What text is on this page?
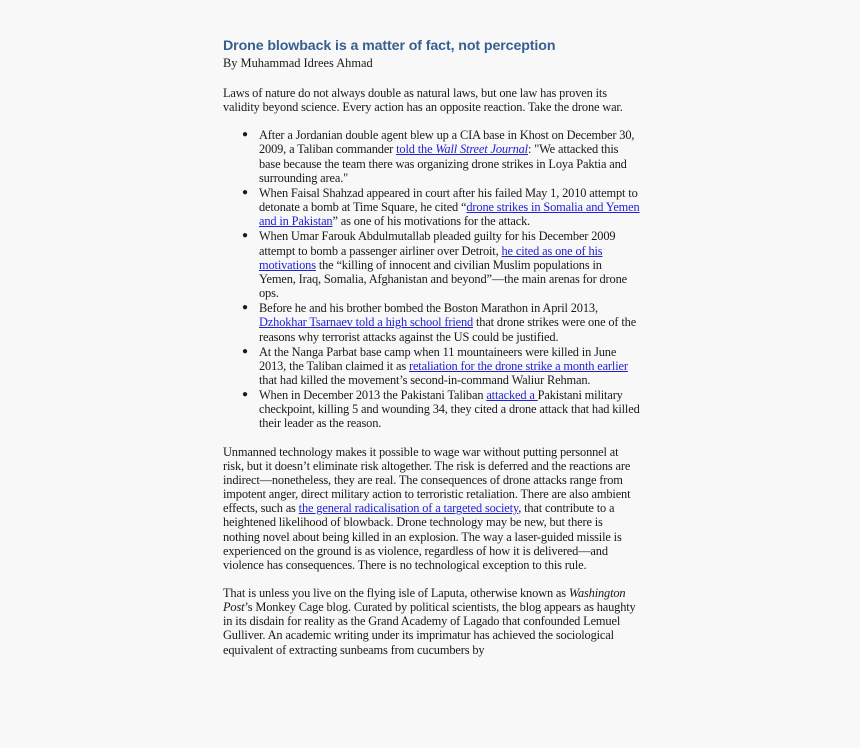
Drone blowback is a matter of fact, not perception
By Muhammad Idrees Ahmad

Laws of nature do not always double as natural laws, but one law has proven its validity beyond science. Every action has an opposite reaction. Take the drone war.

● After a Jordanian double agent blew up a CIA base in Khost on December 30, 2009, a Taliban commander told the Wall Street Journal: "We attacked this base because the team there was organizing drone strikes in Loya Paktia and surrounding area."
● When Faisal Shahzad appeared in court after his failed May 1, 2010 attempt to detonate a bomb at Time Square, he cited “drone strikes in Somalia and Yemen and in Pakistan” as one of his motivations for the attack.
● When Umar Farouk Abdulmutallab pleaded guilty for his December 2009 attempt to bomb a passenger airliner over Detroit, he cited as one of his motivations the “killing of innocent and civilian Muslim populations in Yemen, Iraq, Somalia, Afghanistan and beyond”—the main arenas for drone ops.
● Before he and his brother bombed the Boston Marathon in April 2013, Dzhokhar Tsarnaev told a high school friend that drone strikes were one of the reasons why terrorist attacks against the US could be justified.
● At the Nanga Parbat base camp when 11 mountaineers were killed in June 2013, the Taliban claimed it as retaliation for the drone strike a month earlier that had killed the movement’s second-in-command Waliur Rehman.
● When in December 2013 the Pakistani Taliban attacked a Pakistani military checkpoint, killing 5 and wounding 34, they cited a drone attack that had killed their leader as the reason.

Unmanned technology makes it possible to wage war without putting personnel at risk, but it doesn’t eliminate risk altogether. The risk is deferred and the reactions are indirect—nonetheless, they are real. The consequences of drone attacks range from impotent anger, direct military action to terroristic retaliation. There are also ambient effects, such as the general radicalisation of a targeted society, that contribute to a heightened likelihood of blowback. Drone technology may be new, but there is nothing novel about being killed in an explosion. The way a laser-guided missile is experienced on the ground is as violence, regardless of how it is delivered—and violence has consequences. There is no technological exception to this rule.

That is unless you live on the flying isle of Laputa, otherwise known as Washington Post’s Monkey Cage blog. Curated by political scientists, the blog appears as haughty in its disdain for reality as the Grand Academy of Lagado that confounded Lemuel Gulliver. An academic writing under its imprimatur has achieved the sociological equivalent of extracting sunbeams from cucumbers by
